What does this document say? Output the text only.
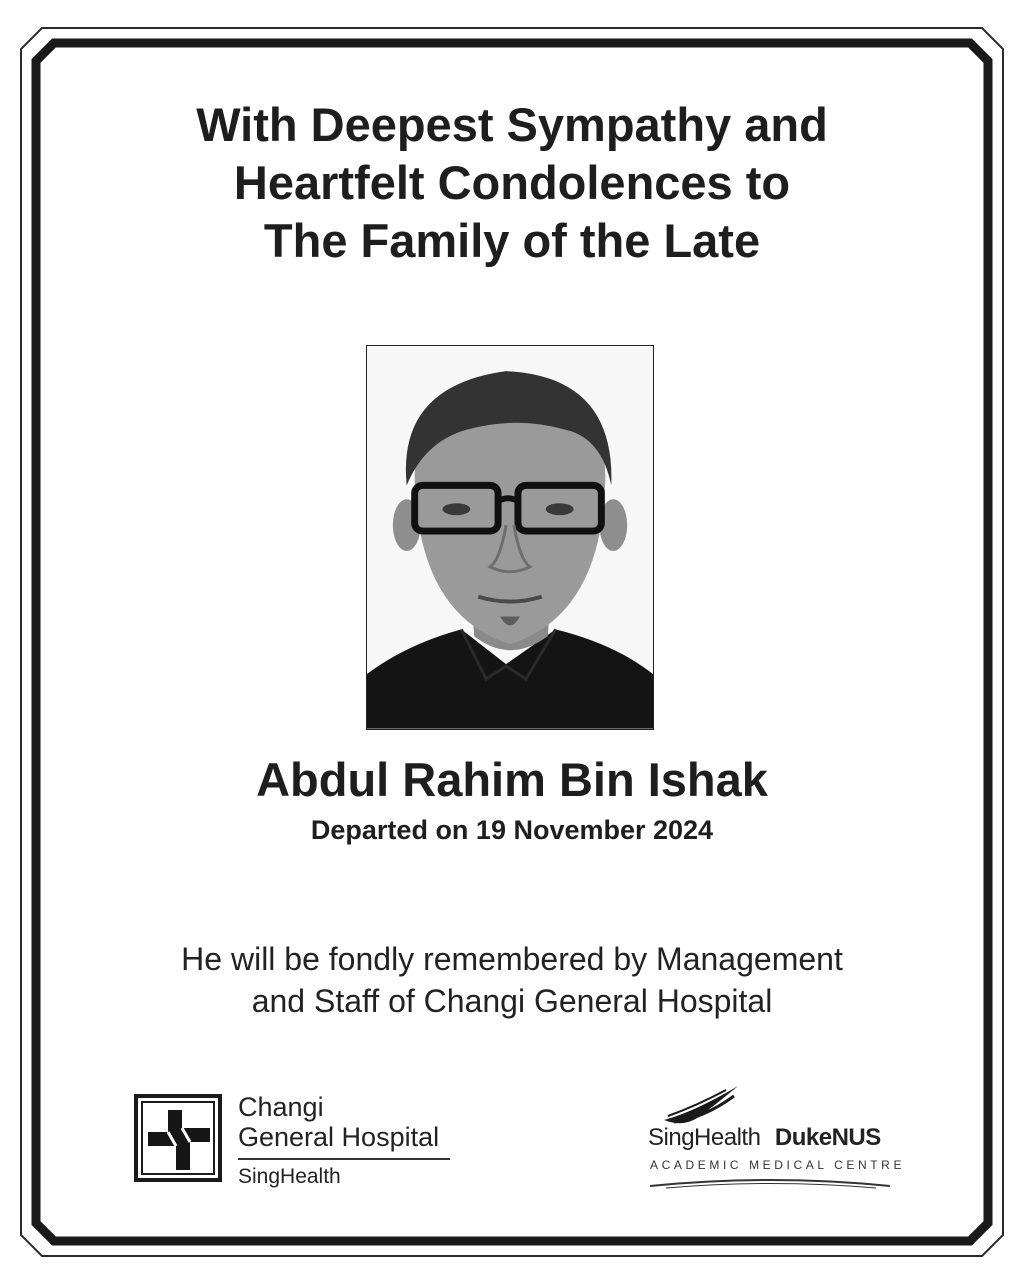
With Deepest Sympathy and
Heartfelt Condolences to
The Family of the Late
Abdul Rahim Bin Ishak
Departed on 19 November 2024
He will be fondly remembered by Management
and Staff of Changi General Hospital
Changi
General Hospital
SingHealth
SingHealth DukeNUS
ACADEMIC MEDICAL CENTRE
